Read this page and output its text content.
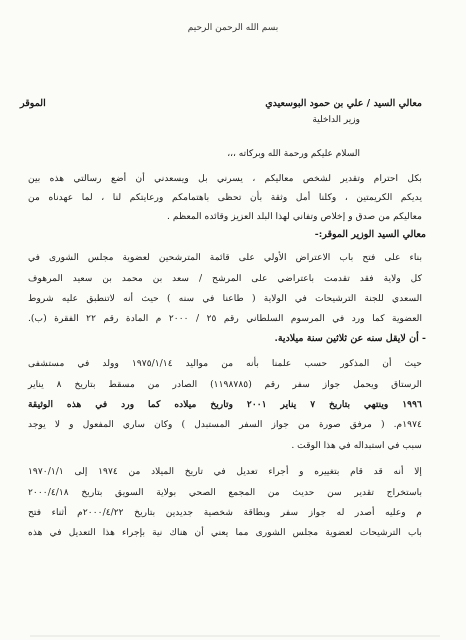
بسم الله الرحمن الرحيم
معالي السيد / علي بن حمود البوسعيدي
الموقر
وزير الداخلية
السلام عليكم ورحمة الله وبركاته ،،،
بكل احترام وتقدير لشخص معاليكم ، يسرني بل ويسعدني أن أضع رسالتي هذه بين
يديكم الكريمتين ، وكلنا أمل وثقة بأن تحظى باهتمامكم ورعايتكم لنا ، لما عهدناه من
معاليكم من صدق و إخلاص وتفاني لهذا البلد العزيز وقائده المعظم .
معالي السيد الوزير الموقر:-
بناء على فتح باب الاعتراض الأولي على قائمة المترشحين لعضوية مجلس الشورى في
كل ولاية فقد تقدمت باعتراضي على المرشح / سعد بن محمد بن سعيد المرهوف
السعدي للجنة الترشيحات في الولاية ( طاعنا في سنه ) حيث أنه لاتنطبق عليه شروط
العضوية كما ورد في المرسوم السلطاني رقم ٢٥ / ٢٠٠٠ م المادة رقم ٢٢ الفقرة (ب).
- أن لايقل سنه عن ثلاثين سنة ميلادية.
حيث أن المذكور حسب علمنا بأنه من مواليد ١٩٧٥/١/١٤ وولد في مستشفى
الرستاق ويحمل جواز سفر رقم (١١٩٨٧٨٥) الصادر من مسقط بتاريخ ٨ يناير
١٩٩٦ وينتهي بتاريخ ٧ يناير ٢٠٠١ وتاريخ ميلاده كما ورد في هذه الوثيقة
١٩٧٤م. ( مرفق صورة من جواز السفر المستبدل ) وكان ساري المفعول و لا يوجد
سبب في استبداله في هذا الوقت .
إلا أنه قد قام بتغييره و أجراء تعديل في تاريخ الميلاد من ١٩٧٤ إلى ١٩٧٠/١/١
باستخراج تقدير سن حديث من المجمع الصحي بولاية السويق بتاريخ ٢٠٠٠/٤/١٨
م وعليه أصدر له جواز سفر وبطاقة شخصية جديدين بتاريخ ٢٠٠٠/٤/٢٢م أثناء فتح
باب الترشيحات لعضوية مجلس الشورى مما يعني أن هناك نية بإجراء هذا التعديل في هذه
